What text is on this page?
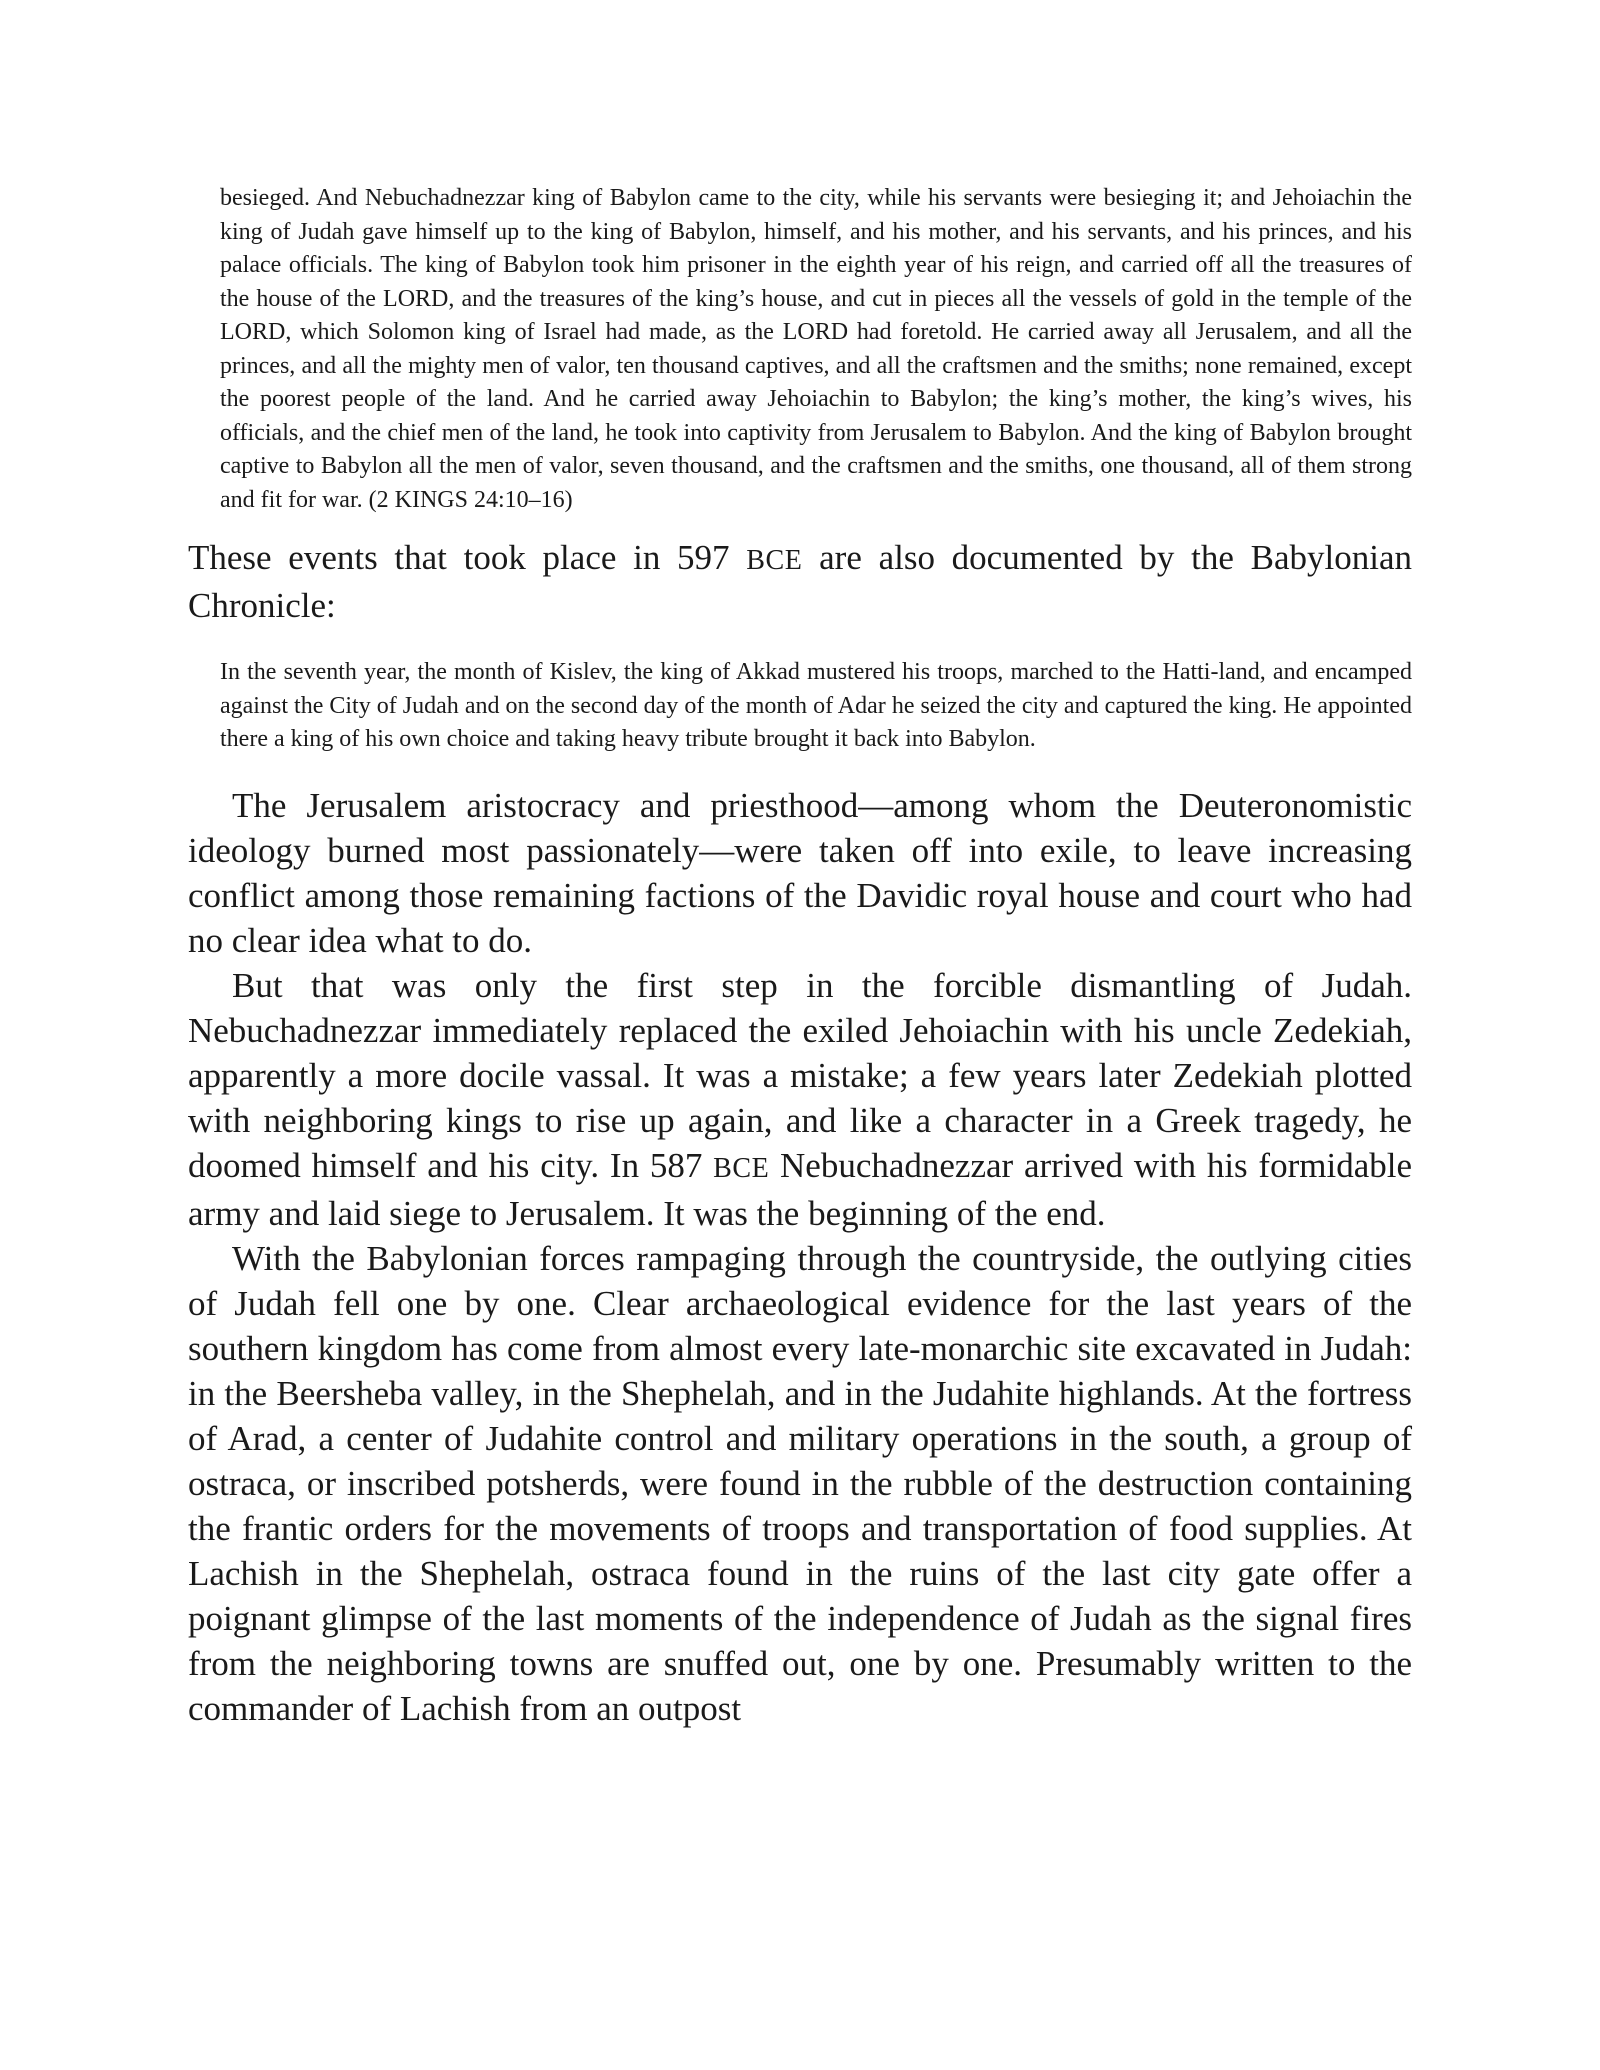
besieged. And Nebuchadnezzar king of Babylon came to the city, while his servants were besieging it; and Jehoiachin the king of Judah gave himself up to the king of Babylon, himself, and his mother, and his servants, and his princes, and his palace officials. The king of Babylon took him prisoner in the eighth year of his reign, and carried off all the treasures of the house of the LORD, and the treasures of the king’s house, and cut in pieces all the vessels of gold in the temple of the LORD, which Solomon king of Israel had made, as the LORD had foretold. He carried away all Jerusalem, and all the princes, and all the mighty men of valor, ten thousand captives, and all the craftsmen and the smiths; none remained, except the poorest people of the land. And he carried away Jehoiachin to Babylon; the king’s mother, the king’s wives, his officials, and the chief men of the land, he took into captivity from Jerusalem to Babylon. And the king of Babylon brought captive to Babylon all the men of valor, seven thousand, and the craftsmen and the smiths, one thousand, all of them strong and fit for war. (2 KINGS 24:10–16)

These events that took place in 597 BCE are also documented by the Babylonian Chronicle:

In the seventh year, the month of Kislev, the king of Akkad mustered his troops, marched to the Hatti-land, and encamped against the City of Judah and on the second day of the month of Adar he seized the city and captured the king. He appointed there a king of his own choice and taking heavy tribute brought it back into Babylon.

The Jerusalem aristocracy and priesthood—among whom the Deuteronomistic ideology burned most passionately—were taken off into exile, to leave increasing conflict among those remaining factions of the Davidic royal house and court who had no clear idea what to do.

But that was only the first step in the forcible dismantling of Judah. Nebuchadnezzar immediately replaced the exiled Jehoiachin with his uncle Zedekiah, apparently a more docile vassal. It was a mistake; a few years later Zedekiah plotted with neighboring kings to rise up again, and like a character in a Greek tragedy, he doomed himself and his city. In 587 BCE Nebuchadnezzar arrived with his formidable army and laid siege to Jerusalem. It was the beginning of the end.

With the Babylonian forces rampaging through the countryside, the outlying cities of Judah fell one by one. Clear archaeological evidence for the last years of the southern kingdom has come from almost every late-monarchic site excavated in Judah: in the Beersheba valley, in the Shephelah, and in the Judahite highlands. At the fortress of Arad, a center of Judahite control and military operations in the south, a group of ostraca, or inscribed potsherds, were found in the rubble of the destruction containing the frantic orders for the movements of troops and transportation of food supplies. At Lachish in the Shephelah, ostraca found in the ruins of the last city gate offer a poignant glimpse of the last moments of the independence of Judah as the signal fires from the neighboring towns are snuffed out, one by one. Presumably written to the commander of Lachish from an outpost
